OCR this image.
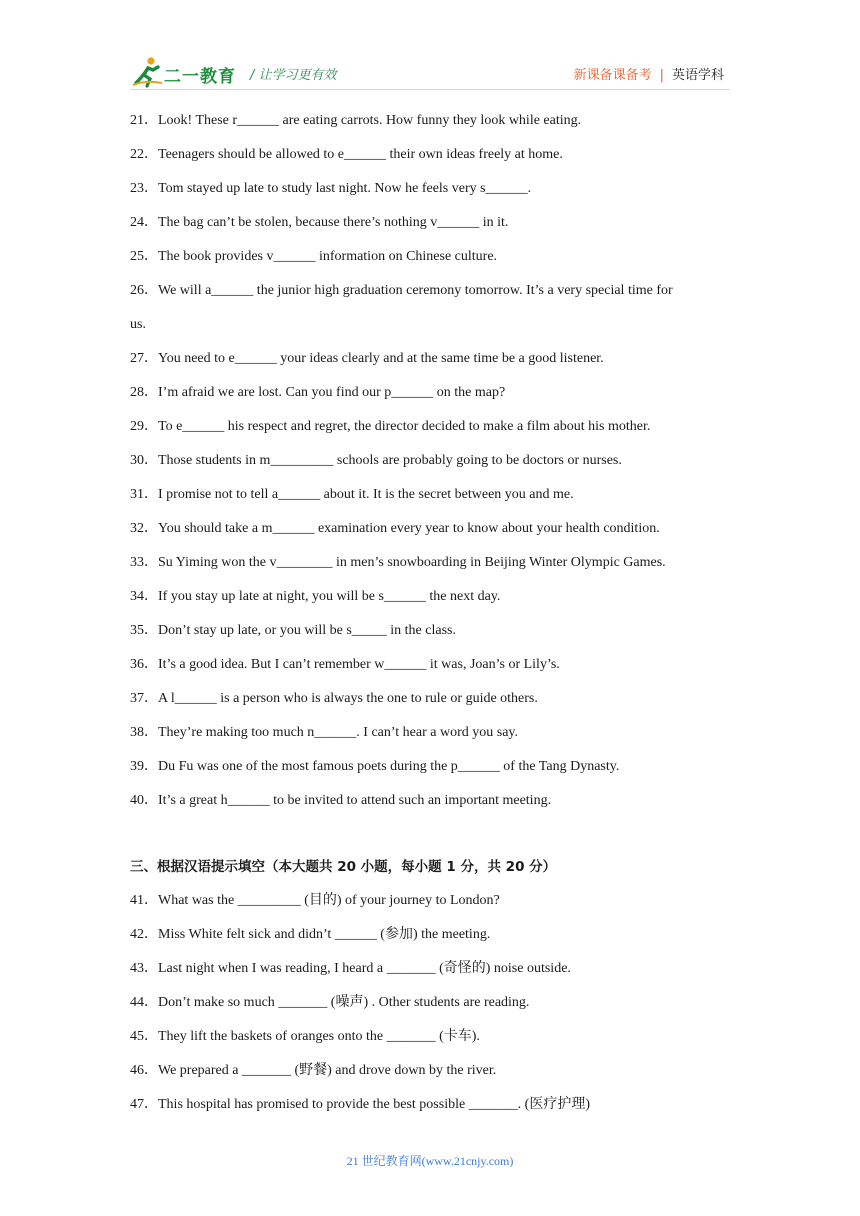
二一教育 / 让学习更有效	新课备课备考 | 英语学科
21．Look! These r______ are eating carrots. How funny they look while eating.
22．Teenagers should be allowed to e______ their own ideas freely at home.
23．Tom stayed up late to study last night. Now he feels very s______.
24．The bag can’t be stolen, because there’s nothing v______ in it.
25．The book provides v______ information on Chinese culture.
26．We will a______ the junior high graduation ceremony tomorrow. It’s a very special time for
us.
27．You need to e______ your ideas clearly and at the same time be a good listener.
28．I’m afraid we are lost. Can you find our p______ on the map?
29．To e______ his respect and regret, the director decided to make a film about his mother.
30．Those students in m_________ schools are probably going to be doctors or nurses.
31．I promise not to tell a______ about it. It is the secret between you and me.
32．You should take a m______ examination every year to know about your health condition.
33．Su Yiming won the v________ in men’s snowboarding in Beijing Winter Olympic Games.
34．If you stay up late at night, you will be s______ the next day.
35．Don’t stay up late, or you will be s_____ in the class.
36．It’s a good idea. But I can’t remember w______ it was, Joan’s or Lily’s.
37．A l______ is a person who is always the one to rule or guide others.
38．They’re making too much n______. I can’t hear a word you say.
39．Du Fu was one of the most famous poets during the p______ of the Tang Dynasty.
40．It’s a great h______ to be invited to attend such an important meeting.
三、根据汉语提示填空（本大题共 20 小题，每小题 1 分，共 20 分）
41．What was the _________ (目的) of your journey to London?
42．Miss White felt sick and didn’t ______ (参加) the meeting.
43．Last night when I was reading, I heard a _______ (奇怪的) noise outside.
44．Don’t make so much _______ (噪声) . Other students are reading.
45．They lift the baskets of oranges onto the _______ (卡车).
46．We prepared a _______ (野餐) and drove down by the river.
47．This hospital has promised to provide the best possible _______. (医疗护理)
21 世纪教育网(www.21cnjy.com)
